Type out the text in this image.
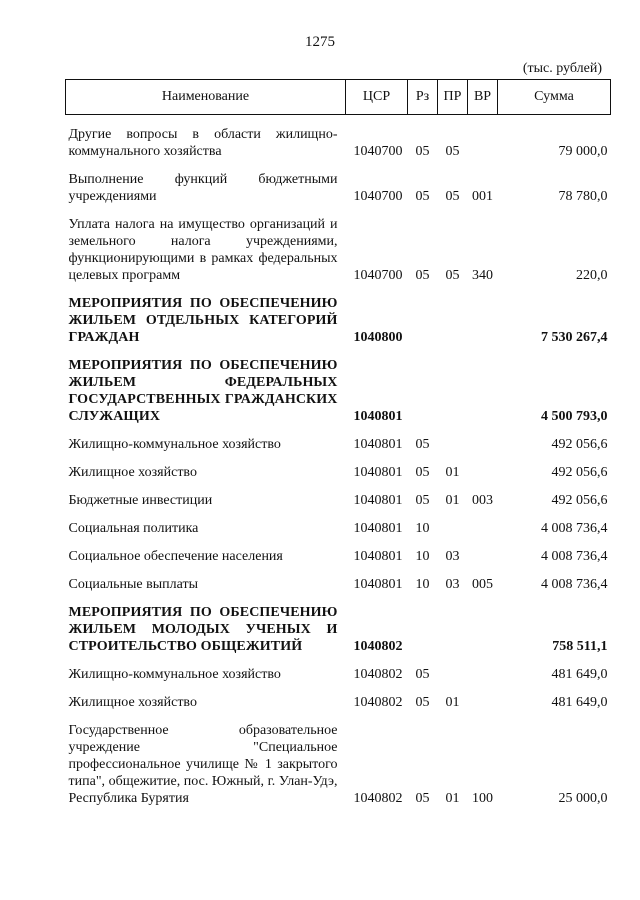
1275
(тыс. рублей)
Наименование	ЦСР	Рз	ПР	ВР	Сумма
Другие вопросы в области жилищно-коммунального хозяйства	1040700	05	05		79 000,0
Выполнение функций бюджетными учреждениями	1040700	05	05	001	78 780,0
Уплата налога на имущество организаций и земельного налога учреждениями, функционирующими в рамках федеральных целевых программ	1040700	05	05	340	220,0
МЕРОПРИЯТИЯ ПО ОБЕСПЕЧЕНИЮ ЖИЛЬЕМ ОТДЕЛЬНЫХ КАТЕГОРИЙ ГРАЖДАН	1040800				7 530 267,4
МЕРОПРИЯТИЯ ПО ОБЕСПЕЧЕНИЮ ЖИЛЬЕМ ФЕДЕРАЛЬНЫХ ГОСУДАРСТВЕННЫХ ГРАЖДАНСКИХ СЛУЖАЩИХ	1040801				4 500 793,0
Жилищно-коммунальное хозяйство	1040801	05			492 056,6
Жилищное хозяйство	1040801	05	01		492 056,6
Бюджетные инвестиции	1040801	05	01	003	492 056,6
Социальная политика	1040801	10			4 008 736,4
Социальное обеспечение населения	1040801	10	03		4 008 736,4
Социальные выплаты	1040801	10	03	005	4 008 736,4
МЕРОПРИЯТИЯ ПО ОБЕСПЕЧЕНИЮ ЖИЛЬЕМ МОЛОДЫХ УЧЕНЫХ И СТРОИТЕЛЬСТВО ОБЩЕЖИТИЙ	1040802				758 511,1
Жилищно-коммунальное хозяйство	1040802	05			481 649,0
Жилищное хозяйство	1040802	05	01		481 649,0
Государственное образовательное учреждение "Специальное профессиональное училище № 1 закрытого типа", общежитие, пос. Южный, г. Улан-Удэ, Республика Бурятия	1040802	05	01	100	25 000,0
